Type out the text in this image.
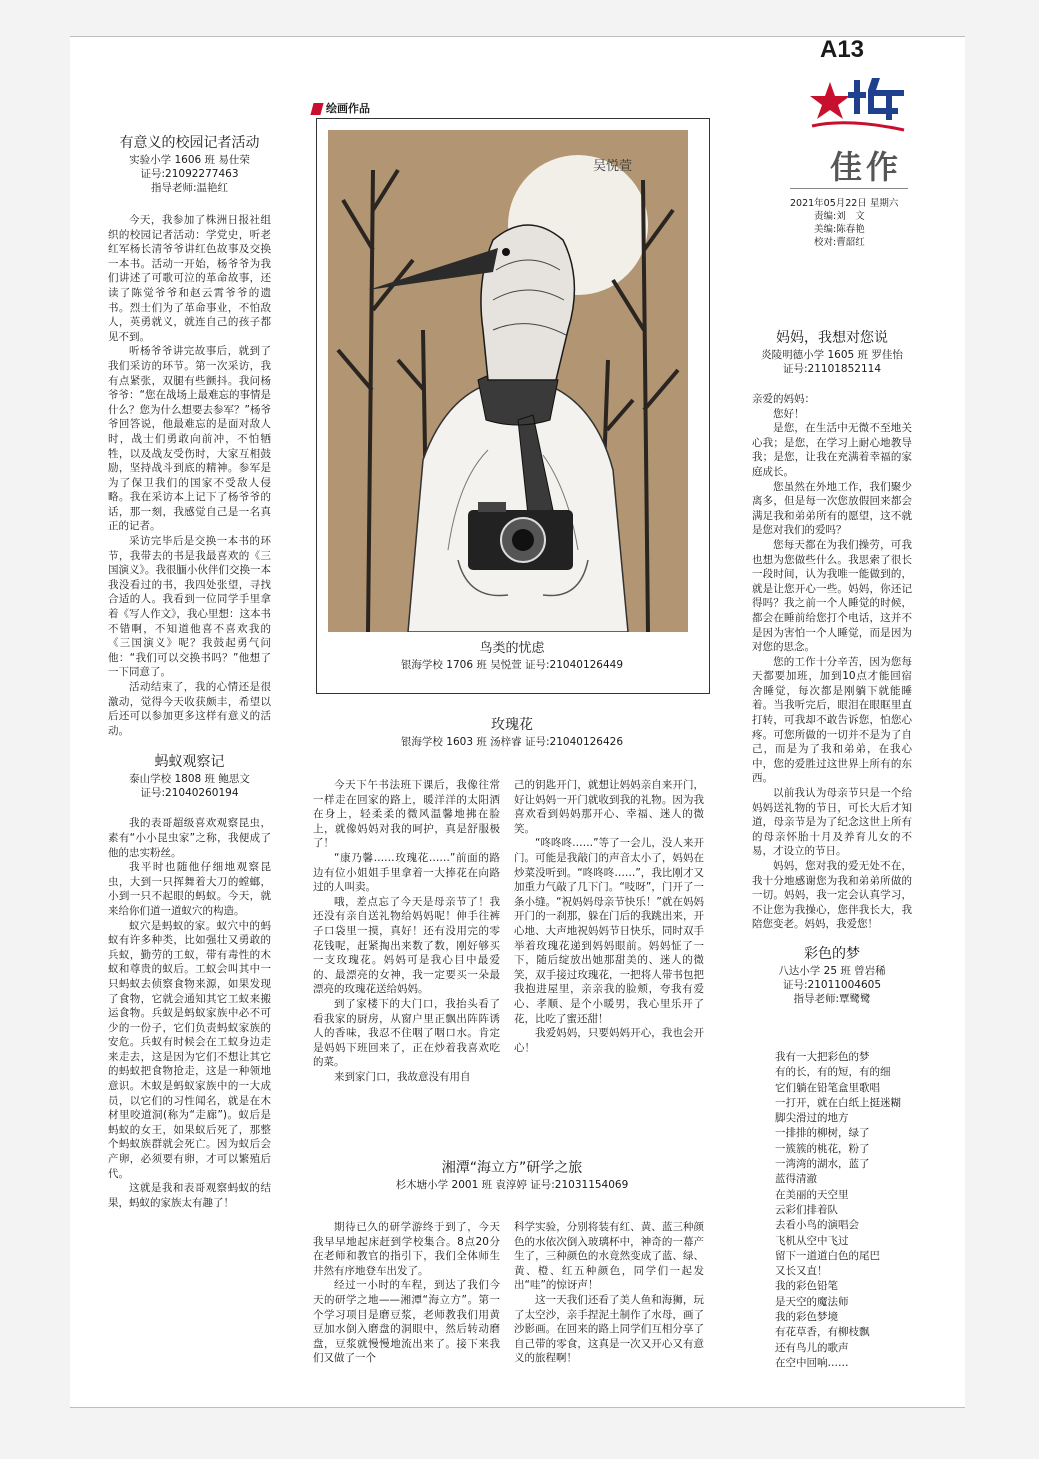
A13
佳作
2021年05月22日 星期六
责编:刘　文
美编:陈春艳
校对:曹韶红
有意义的校园记者活动
实验小学 1606 班 易仕荣
证号:21092277463
指导老师:温艳红

今天，我参加了株洲日报社组织的校园记者活动：学党史，听老红军杨长清爷爷讲红色故事及交换一本书。活动一开始，杨爷爷为我们讲述了可歌可泣的革命故事，还读了陈觉爷爷和赵云霄爷爷的遗书。烈士们为了革命事业，不怕敌人，英勇就义，就连自己的孩子都见不到。

听杨爷爷讲完故事后，就到了我们采访的环节。第一次采访，我有点紧张，双腿有些颤抖。我问杨爷爷：“您在战场上最难忘的事情是什么？您为什么想要去参军？”杨爷爷回答说，他最难忘的是面对敌人时，战士们勇敢向前冲，不怕牺牲，以及战友受伤时，大家互相鼓励，坚持战斗到底的精神。参军是为了保卫我们的国家不受敌人侵略。我在采访本上记下了杨爷爷的话，那一刻，我感觉自己是一名真正的记者。

采访完毕后是交换一本书的环节，我带去的书是我最喜欢的《三国演义》。我很腼小伙伴们交换一本我没看过的书，我四处张望，寻找合适的人。我看到一位同学手里拿着《写人作文》，我心里想：这本书不错啊，不知道他喜不喜欢我的《三国演义》呢？我鼓起勇气问他：“我们可以交换书吗？”他想了一下同意了。

活动结束了，我的心情还是很激动，觉得今天收获颇丰，希望以后还可以参加更多这样有意义的活动。

蚂蚁观察记
泰山学校 1808 班 鲍思文
证号:21040260194

我的表哥超级喜欢观察昆虫，素有“小小昆虫家”之称，我便成了他的忠实粉丝。

我平时也随他仔细地观察昆虫，大到一只挥舞着大刀的螳螂，小到一只不起眼的蚂蚁。今天，就来给你们道一道蚁穴的构造。

蚁穴是蚂蚁的家。蚁穴中的蚂蚁有许多种类，比如强壮又勇敢的兵蚁，勤劳的工蚁，带有毒性的木蚁和尊贵的蚁后。工蚁会叫其中一只蚂蚁去侦察食物来源，如果发现了食物，它就会通知其它工蚁来搬运食物。兵蚁是蚂蚁家族中必不可少的一份子，它们负责蚂蚁家族的安危。兵蚁有时候会在工蚁身边走来走去，这是因为它们不想让其它的蚂蚁把食物抢走，这是一种领地意识。木蚁是蚂蚁家族中的一大成员，以它们的习性闻名，就是在木材里咬道洞(称为“走廊”)。蚁后是蚂蚁的女王，如果蚁后死了，那整个蚂蚁族群就会死亡。因为蚁后会产卵，必须要有卵，才可以繁殖后代。

这就是我和表哥观察蚂蚁的结果，蚂蚁的家族太有趣了！

绘画作品
吴悦萱
鸟类的忧虑
银海学校 1706 班 吴悦萱 证号:21040126449
玫瑰花
银海学校 1603 班 汤梓睿 证号:21040126426

今天下午书法班下课后，我像往常一样走在回家的路上，暖洋洋的太阳洒在身上，轻柔柔的微风温馨地拂在脸上，就像妈妈对我的呵护，真是舒服极了！

“康乃馨……玫瑰花……”前面的路边有位小姐姐手里拿着一大捧花在向路过的人叫卖。

哦，差点忘了今天是母亲节了！我还没有亲自送礼物给妈妈呢！伸手往裤子口袋里一摸，真好！还有没用完的零花钱呢，赶紧掏出来数了数，刚好够买一支玫瑰花。妈妈可是我心目中最爱的、最漂亮的女神，我一定要买一朵最漂亮的玫瑰花送给妈妈。

到了家楼下的大门口，我抬头看了看我家的厨房，从窗户里正飘出阵阵诱人的香味，我忍不住咽了咽口水。肯定是妈妈下班回来了，正在炒着我喜欢吃的菜。

来到家门口，我故意没有用自

己的钥匙开门，就想让妈妈亲自来开门，好让妈妈一开门就收到我的礼物。因为我喜欢看到妈妈那开心、幸福、迷人的微笑。

“咚咚咚……”等了一会儿，没人来开门。可能是我敲门的声音太小了，妈妈在炒菜没听到。“咚咚咚……”，我比刚才又加重力气敲了几下门。“吱呀”，门开了一条小缝。“祝妈妈母亲节快乐！”就在妈妈开门的一刹那，躲在门后的我跳出来，开心地、大声地祝妈妈节日快乐，同时双手举着玫瑰花递到妈妈眼前。妈妈怔了一下，随后绽放出她那甜美的、迷人的微笑，双手接过玫瑰花，一把将人带书包把我抱进屋里，亲亲我的脸颊，夸我有爱心、孝顺、是个小暖男，我心里乐开了花，比吃了蜜还甜！

我爱妈妈，只要妈妈开心，我也会开心！

湘潭“海立方”研学之旅
杉木塘小学 2001 班 袁淳婷 证号:21031154069

期待已久的研学游终于到了，今天我早早地起床赶到学校集合。8点20分在老师和教官的指引下，我们全体师生井然有序地登车出发了。

经过一小时的车程，到达了我们今天的研学之地——湘潭“海立方”。第一个学习项目是磨豆浆，老师教我们用黄豆加水倒入磨盘的洞眼中，然后转动磨盘，豆浆就慢慢地流出来了。接下来我们又做了一个

科学实验，分别将装有红、黄、蓝三种颜色的水依次倒入玻璃杯中，神奇的一幕产生了，三种颜色的水竟然变成了蓝、绿、黄、橙、红五种颜色，同学们一起发出“哇”的惊讶声！

这一天我们还看了美人鱼和海狮，玩了太空沙，亲手捏泥土制作了水母，画了沙影画。在回来的路上同学们互相分享了自己带的零食，这真是一次又开心又有意义的旅程啊！

妈妈，我想对您说
炎陵明德小学 1605 班 罗佳怡
证号:21101852114

亲爱的妈妈：

您好！

是您，在生活中无微不至地关心我；是您，在学习上耐心地教导我；是您，让我在充满着幸福的家庭成长。

您虽然在外地工作，我们聚少离多，但是每一次您放假回来都会满足我和弟弟所有的愿望，这不就是您对我们的爱吗？

您每天都在为我们操劳，可我也想为您做些什么。我思索了很长一段时间，认为我唯一能做到的，就是让您开心一些。妈妈，你还记得吗？我之前一个人睡觉的时候，都会在睡前给您打个电话，这并不是因为害怕一个人睡觉，而是因为对您的思念。

您的工作十分辛苦，因为您每天都要加班，加到10点才能回宿舍睡觉，每次都是刚躺下就能睡着。当我听完后，眼泪在眼眶里直打转，可我却不敢告诉您，怕您心疼。可您所做的一切并不是为了自己，而是为了我和弟弟，在我心中，您的爱胜过这世界上所有的东西。

以前我认为母亲节只是一个给妈妈送礼物的节日，可长大后才知道，母亲节是为了纪念这世上所有的母亲怀胎十月及养育儿女的不易，才设立的节日。

妈妈，您对我的爱无处不在，我十分地感谢您为我和弟弟所做的一切。妈妈，我一定会认真学习，不让您为我操心，您伴我长大，我陪您变老。妈妈，我爱您！

彩色的梦
八达小学 25 班 曾岩稀
证号:21011004605
指导老师:覃鹭鹭
我有一大把彩色的梦
有的长，有的短，有的细
它们躺在铅笔盒里歌唱
一打开，就在白纸上挺迷糊
脚尖滑过的地方
一排排的柳树，绿了
一簇簇的桃花，粉了
一湾湾的湖水，蓝了
蓝得清澈
在美丽的天空里
云彩们排着队
去看小鸟的演唱会
飞机从空中飞过
留下一道道白色的尾巴
又长又直！
我的彩色铅笔
是天空的魔法师
我的彩色梦境
有花草香，有柳枝飘
还有鸟儿的歌声
在空中回响……
